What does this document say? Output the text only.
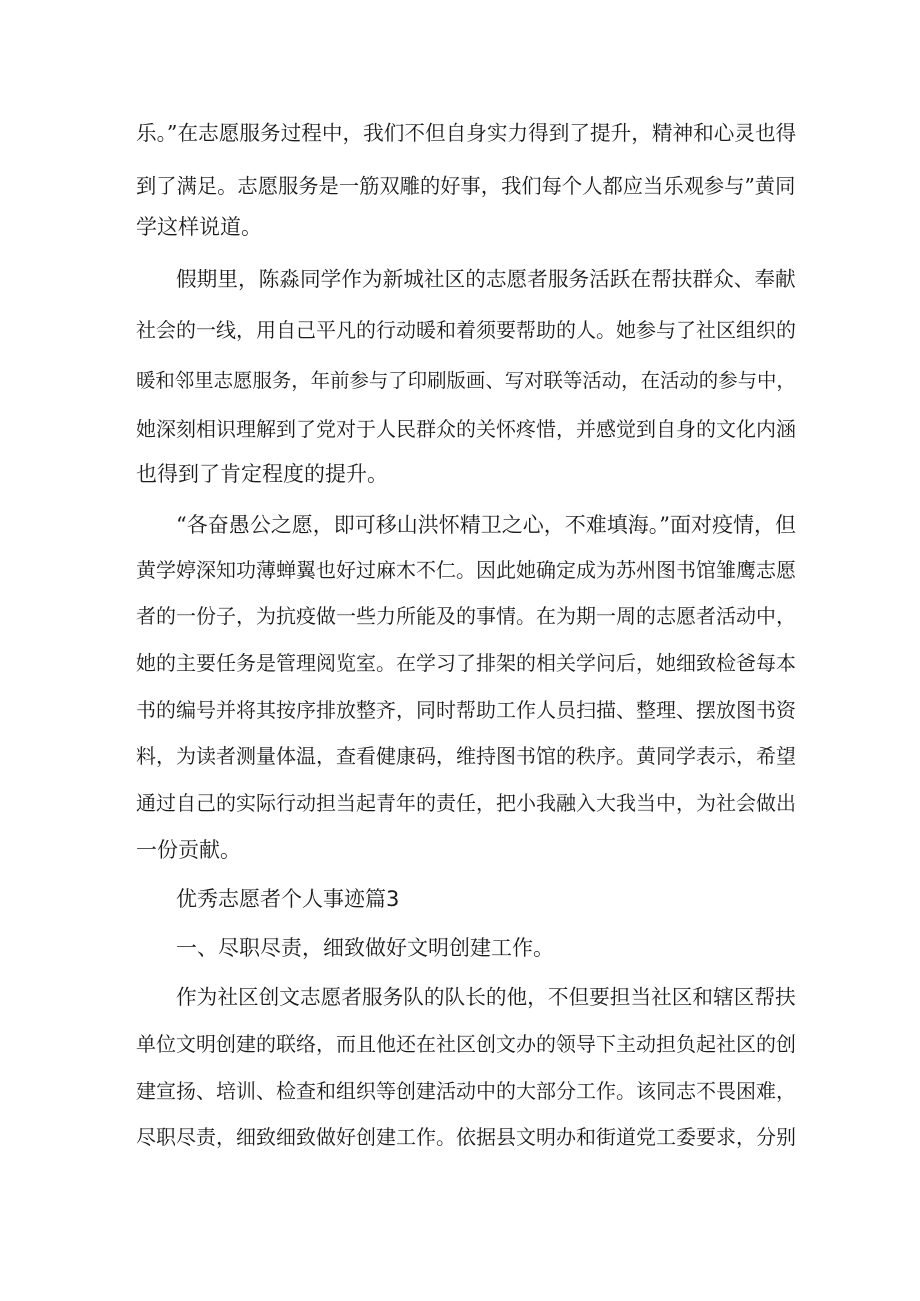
乐。”在志愿服务过程中，我们不但自身实力得到了提升，精神和心灵也得
到了满足。志愿服务是一筋双雕的好事，我们每个人都应当乐观参与”黄同
学这样说道。
假期里，陈淼同学作为新城社区的志愿者服务活跃在帮扶群众、奉献
社会的一线，用自己平凡的行动暖和着须要帮助的人。她参与了社区组织的
暖和邻里志愿服务，年前参与了印刷版画、写对联等活动，在活动的参与中，
她深刻相识理解到了党对于人民群众的关怀疼惜，并感觉到自身的文化内涵
也得到了肯定程度的提升。
“各奋愚公之愿，即可移山洪怀精卫之心，不难填海。”面对疫情，但
黄学婷深知功薄蝉翼也好过麻木不仁。因此她确定成为苏州图书馆雏鹰志愿
者的一份子，为抗疫做一些力所能及的事情。在为期一周的志愿者活动中，
她的主要任务是管理阅览室。在学习了排架的相关学问后，她细致检爸每本
书的编号并将其按序排放整齐，同时帮助工作人员扫描、整理、摆放图书资
料，为读者测量体温，查看健康码，维持图书馆的秩序。黄同学表示，希望
通过自己的实际行动担当起青年的责任，把小我融入大我当中，为社会做出
一份贡献。
优秀志愿者个人事迹篇3
一、尽职尽责，细致做好文明创建工作。
作为社区创文志愿者服务队的队长的他，不但要担当社区和辖区帮扶
单位文明创建的联络，而且他还在社区创文办的领导下主动担负起社区的创
建宣扬、培训、检查和组织等创建活动中的大部分工作。该同志不畏困难，
尽职尽责，细致细致做好创建工作。依据县文明办和街道党工委要求，分别
